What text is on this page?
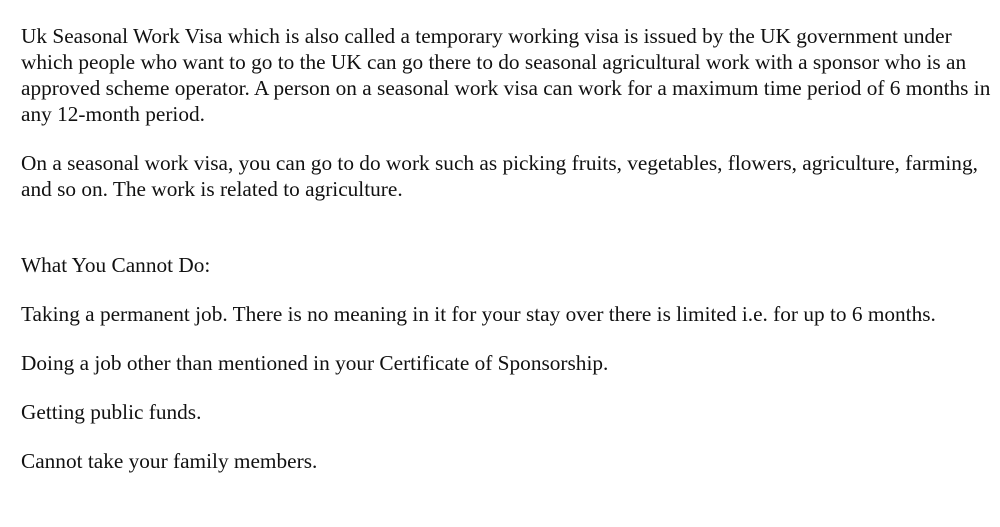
Uk Seasonal Work Visa which is also called a temporary working visa is issued by the UK government under which people who want to go to the UK can go there to do seasonal agricultural work with a sponsor who is an approved scheme operator. A person on a seasonal work visa can work for a maximum time period of 6 months in any 12-month period.

On a seasonal work visa, you can go to do work such as picking fruits, vegetables, flowers, agriculture, farming, and so on. The work is related to agriculture.

What You Cannot Do:

Taking a permanent job. There is no meaning in it for your stay over there is limited i.e. for up to 6 months.

Doing a job other than mentioned in your Certificate of Sponsorship.

Getting public funds.

Cannot take your family members.
